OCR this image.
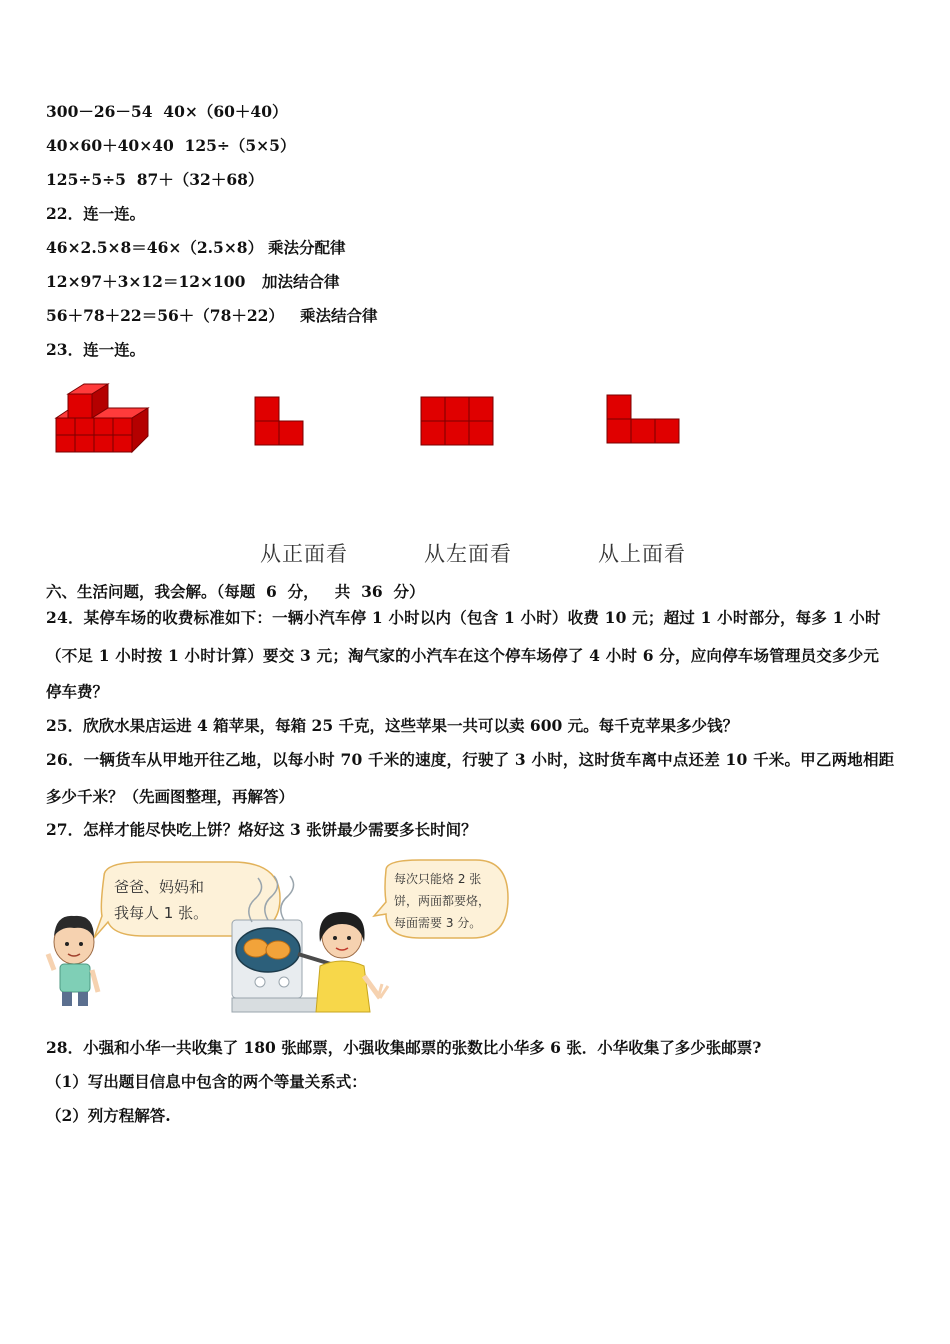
300－26－54  40×（60＋40）
40×60＋40×40  125÷（5×5）
125÷5÷5  87＋（32＋68）
22．连一连。
46×2.5×8＝46×（2.5×8） 乘法分配律
12×97＋3×12＝12×100 加法结合律
56＋78＋22＝56＋（78＋22） 乘法结合律
23．连一连。
从正面看	从左面看	从上面看
六、生活问题，我会解。（每题  6  分，   共  36  分）
24．某停车场的收费标准如下：一辆小汽车停 1 小时以内（包含 1 小时）收费 10 元；超过 1 小时部分，每多 1 小时
（不足 1 小时按 1 小时计算）要交 3 元；淘气家的小汽车在这个停车场停了 4 小时 6 分，应向停车场管理员交多少元
停车费？
25．欣欣水果店运进 4 箱苹果，每箱 25 千克，这些苹果一共可以卖 600 元。每千克苹果多少钱？
26．一辆货车从甲地开往乙地，以每小时 70 千米的速度，行驶了 3 小时，这时货车离中点还差 10 千米。甲乙两地相距
多少千米？（先画图整理，再解答）
27．怎样才能尽快吃上饼？烙好这 3 张饼最少需要多长时间？
爸爸、妈妈和
我每人 1 张。
每次只能烙 2 张
饼，两面都要烙，
每面需要 3 分。
28．小强和小华一共收集了 180 张邮票，小强收集邮票的张数比小华多 6 张．小华收集了多少张邮票?
（1）写出题目信息中包含的两个等量关系式：
（2）列方程解答.
